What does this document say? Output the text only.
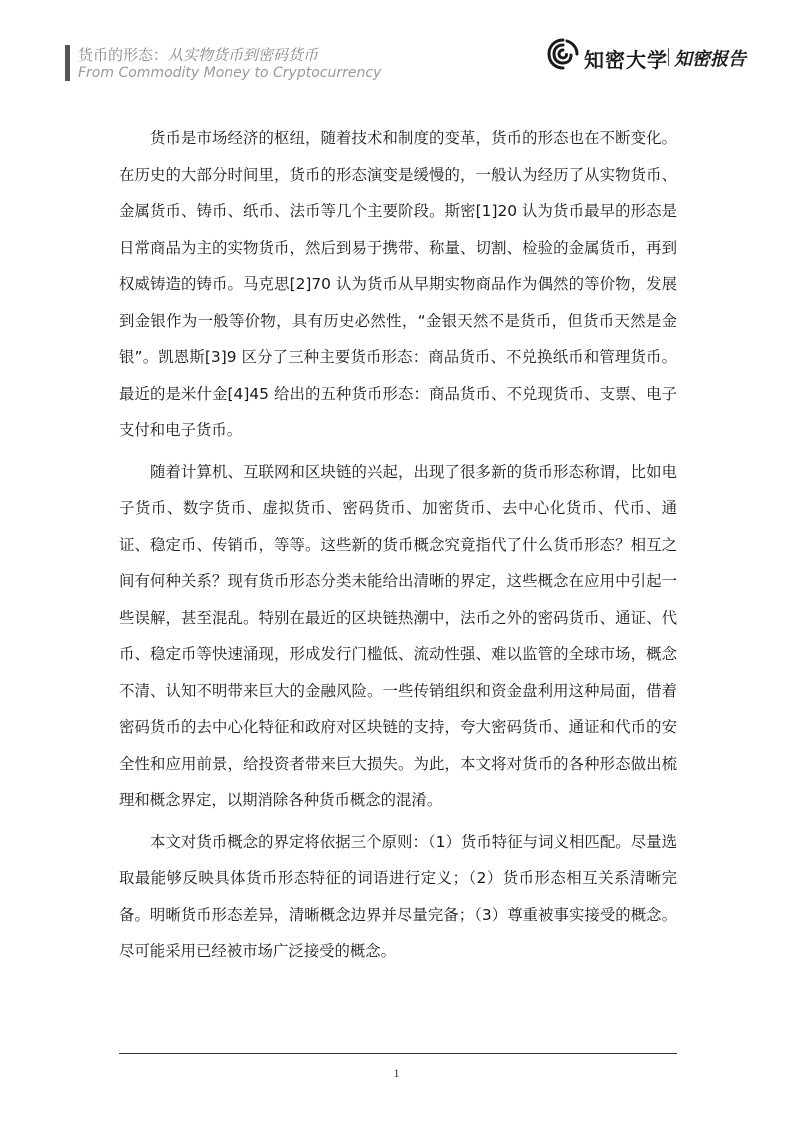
货币的形态：从实物货币到密码货币
From Commodity Money to Cryptocurrency
知密大学 知密报告

货币是市场经济的枢纽，随着技术和制度的变革，货币的形态也在不断变化。在历史的大部分时间里，货币的形态演变是缓慢的，一般认为经历了从实物货币、金属货币、铸币、纸币、法币等几个主要阶段。斯密[1]20 认为货币最早的形态是日常商品为主的实物货币，然后到易于携带、称量、切割、检验的金属货币，再到权威铸造的铸币。马克思[2]70 认为货币从早期实物商品作为偶然的等价物，发展到金银作为一般等价物，具有历史必然性，“金银天然不是货币，但货币天然是金银”。凯恩斯[3]9 区分了三种主要货币形态：商品货币、不兑换纸币和管理货币。最近的是米什金[4]45 给出的五种货币形态：商品货币、不兑现货币、支票、电子支付和电子货币。

随着计算机、互联网和区块链的兴起，出现了很多新的货币形态称谓，比如电子货币、数字货币、虚拟货币、密码货币、加密货币、去中心化货币、代币、通证、稳定币、传销币，等等。这些新的货币概念究竟指代了什么货币形态？相互之间有何种关系？现有货币形态分类未能给出清晰的界定，这些概念在应用中引起一些误解，甚至混乱。特别在最近的区块链热潮中，法币之外的密码货币、通证、代币、稳定币等快速涌现，形成发行门槛低、流动性强、难以监管的全球市场，概念不清、认知不明带来巨大的金融风险。一些传销组织和资金盘利用这种局面，借着密码货币的去中心化特征和政府对区块链的支持，夸大密码货币、通证和代币的安全性和应用前景，给投资者带来巨大损失。为此，本文将对货币的各种形态做出梳理和概念界定，以期消除各种货币概念的混淆。

本文对货币概念的界定将依据三个原则：（1）货币特征与词义相匹配。尽量选取最能够反映具体货币形态特征的词语进行定义；（2）货币形态相互关系清晰完备。明晰货币形态差异，清晰概念边界并尽量完备；（3）尊重被事实接受的概念。尽可能采用已经被市场广泛接受的概念。

1
